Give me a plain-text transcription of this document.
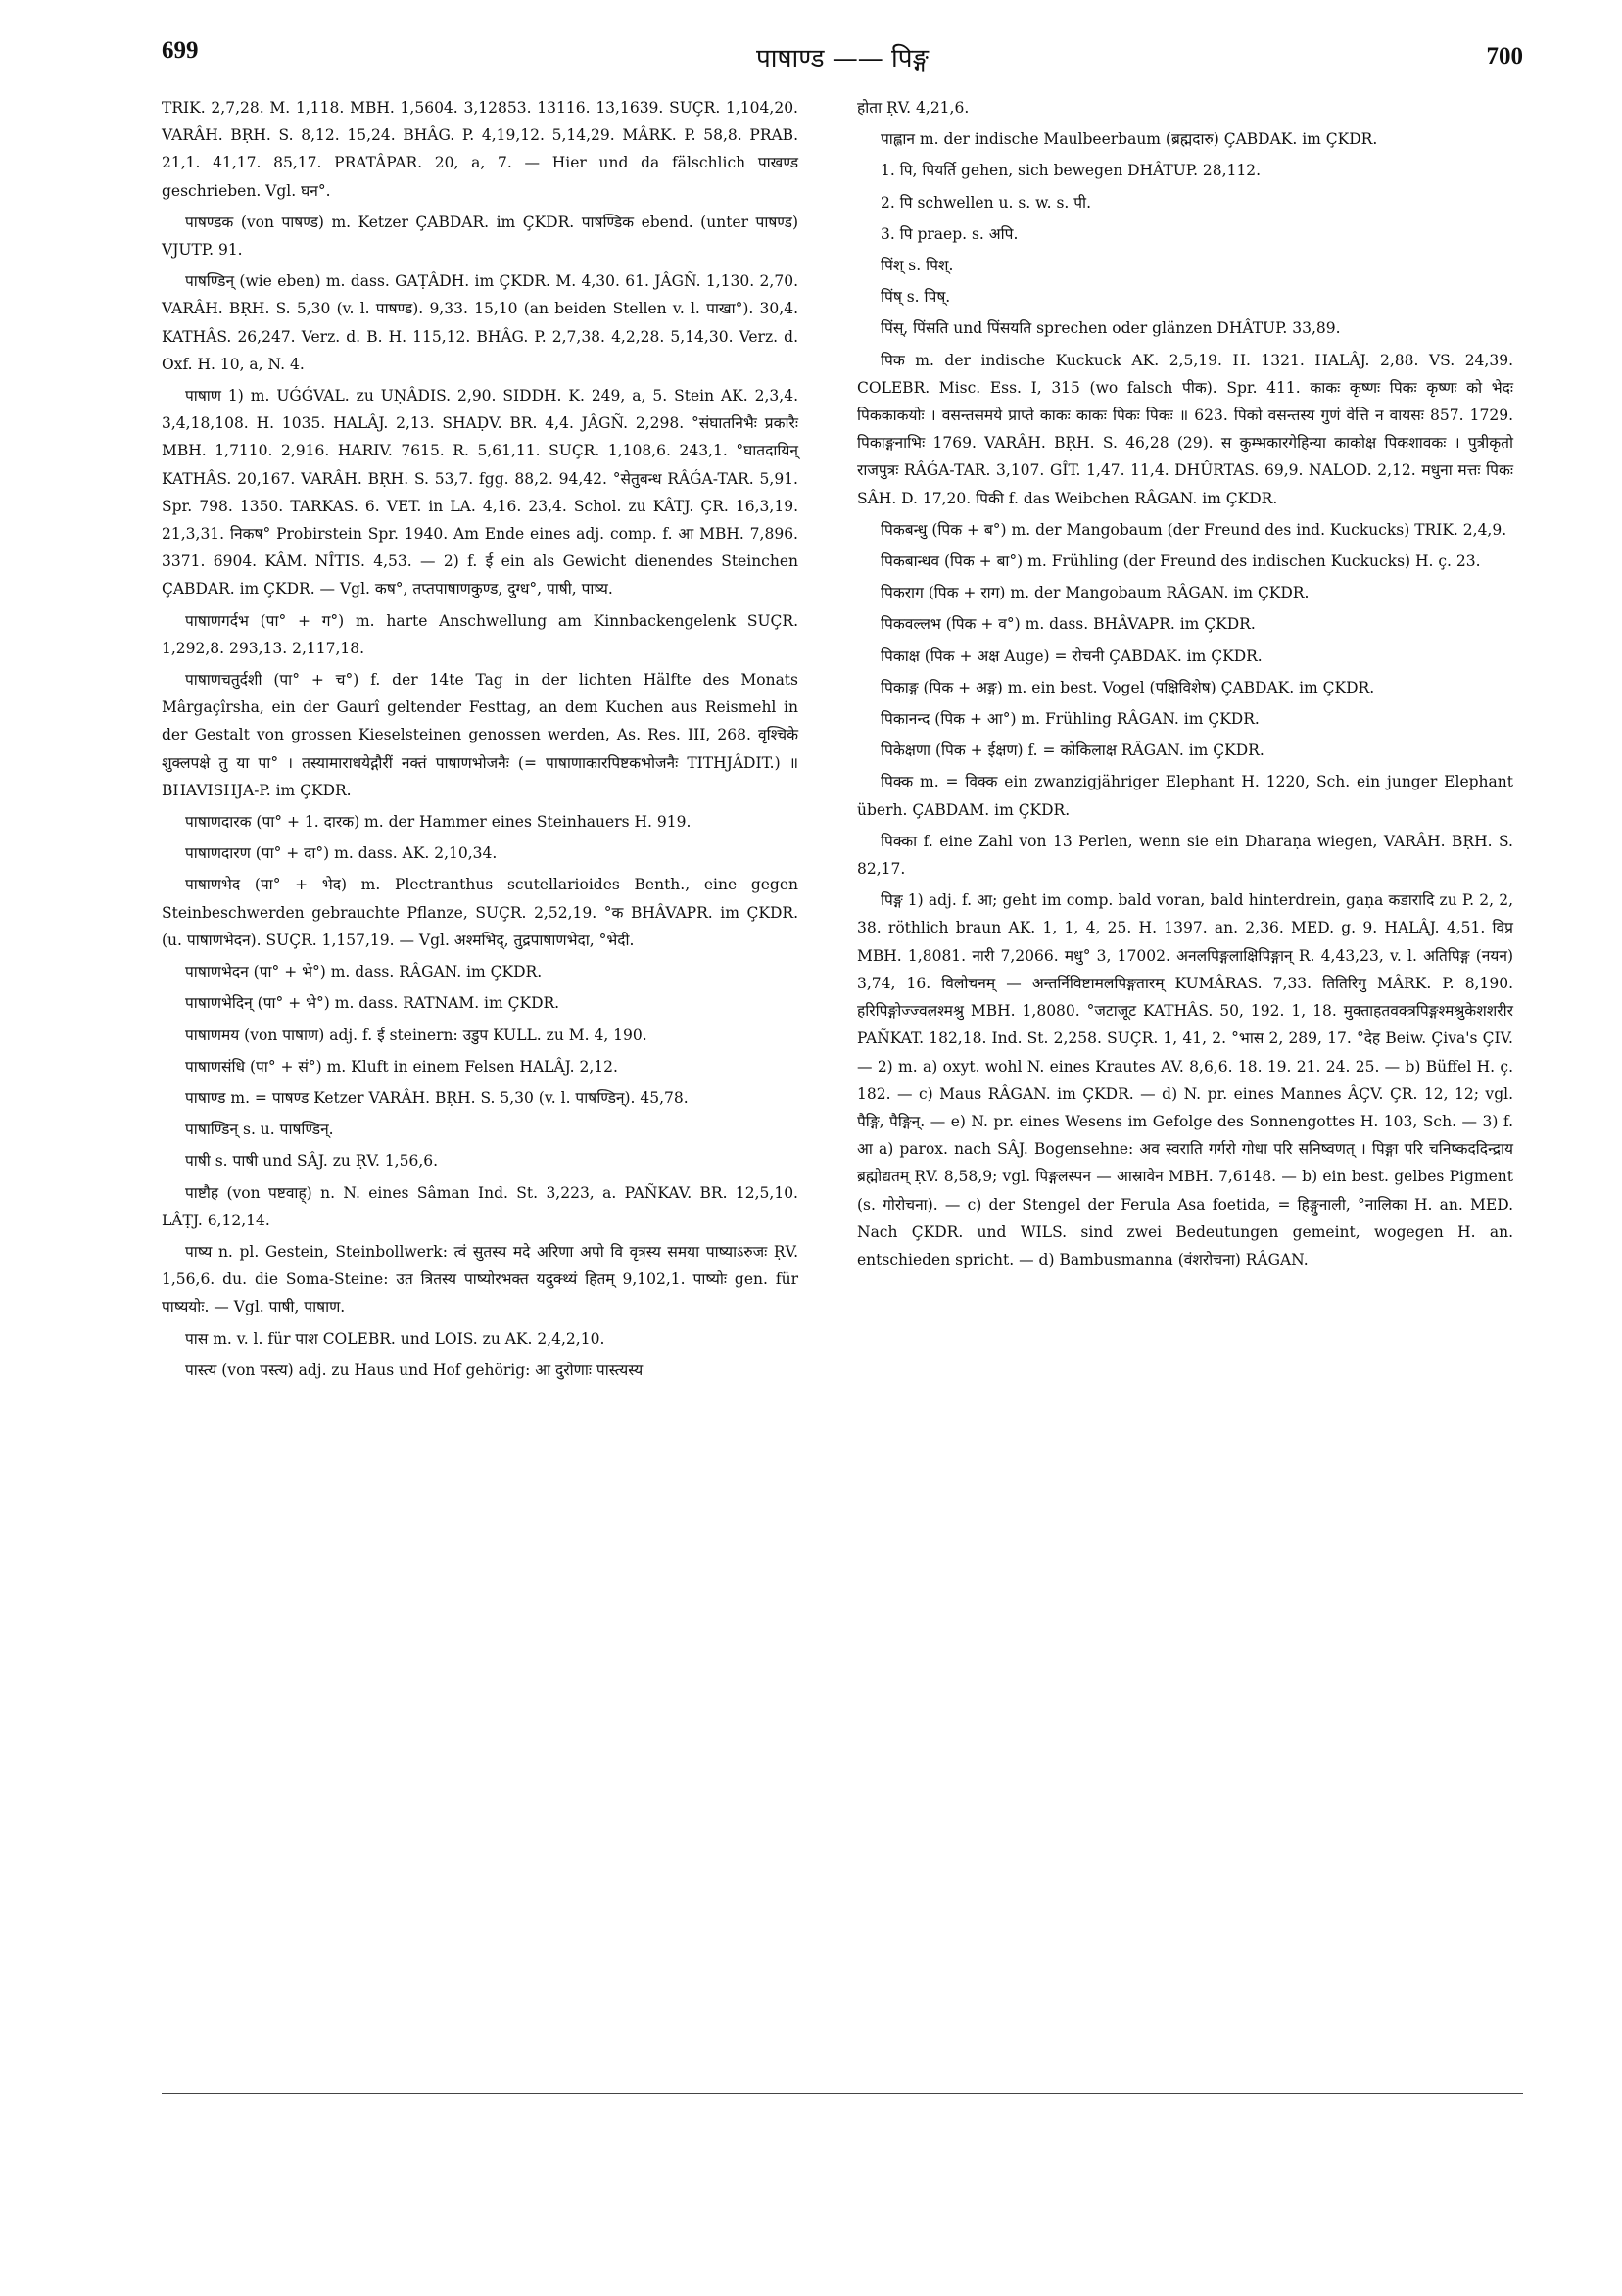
699	पाषाण्ड —— पिङ्ग	700

TRIK. 2,7,28. M. 1,118. MBH. 1,5604. 3,12853. 13116. 13,1639. SUÇR. 1,104,20. VARÂH. BṚH. S. 8,12. 15,24. BHÂG. P. 4,19,12. 5,14,29. MÂRK. P. 58,8. PRAB. 21,1. 41,17. 85,17. PRATÂPAR. 20, a, 7. — Hier und da fälschlich पाखण्ड geschrieben. Vgl. घन°.

पाषण्डक (von पाषण्ड) m. Ketzer ÇABDAR. im ÇKDR. पाषण्डिक ebend. (unter पाषण्ड) VJUTP. 91.

पाषण्डिन् (wie eben) m. dass. GAṬÂDH. im ÇKDR. M. 4,30. 61. JÂGÑ. 1,130. 2,70. VARÂH. BṚH. S. 5,30 (v. l. पाषण्ड). 9,33. 15,10 (an beiden Stellen v. l. पाखा°). 30,4. KATHÂS. 26,247. Verz. d. B. H. 115,12. BHÂG. P. 2,7,38. 4,2,28. 5,14,30. Verz. d. Oxf. H. 10, a, N. 4.

पाषाण 1) m. UǴǴVAL. zu UṆÂDIS. 2,90. SIDDH. K. 249, a, 5. Stein AK. 2,3,4. 3,4,18,108. H. 1035. HALÂJ. 2,13. SHAḌV. BR. 4,4. JÂGÑ. 2,298. °संघातनिभैः प्रकारैः MBH. 1,7110. 2,916. HARIV. 7615. R. 5,61,11. SUÇR. 1,108,6. 243,1. °घातदायिन् KATHÂS. 20,167. VARÂH. BṚH. S. 53,7. fgg. 88,2. 94,42. °सेतुबन्ध RÂǴA-TAR. 5,91. Spr. 798. 1350. TARKAS. 6. VET. in LA. 4,16. 23,4. Schol. zu KÂTJ. ÇR. 16,3,19. 21,3,31. निकष° Probirstein Spr. 1940. Am Ende eines adj. comp. f. आ MBH. 7,896. 3371. 6904. KÂM. NÎTIS. 4,53. — 2) f. ई ein als Gewicht dienendes Steinchen ÇABDAR. im ÇKDR. — Vgl. कष°, तप्तपाषाणकुण्ड, दुग्ध°, पाषी, पाष्य.

पाषाणगर्दभ (पा° + ग°) m. harte Anschwellung am Kinnbackengelenk SUÇR. 1,292,8. 293,13. 2,117,18.

पाषाणचतुर्दशी (पा° + च°) f. der 14te Tag in der lichten Hälfte des Monats Mârgaçîrsha, ein der Gaurî geltender Festtag, an dem Kuchen aus Reismehl in der Gestalt von grossen Kieselsteinen genossen werden, As. Res. III, 268. वृश्चिके शुक्लपक्षे तु या पा° । तस्यामाराधयेद्गौरीं नक्तं पाषाणभोजनैः (= पाषाणाकारपिष्टकभोजनैः TITHJÂDIT.) ॥ BHAVISHJA-P. im ÇKDR.

पाषाणदारक (पा° + 1. दारक) m. der Hammer eines Steinhauers H. 919.

पाषाणदारण (पा° + दा°) m. dass. AK. 2,10,34.

पाषाणभेद (पा° + भेद) m. Plectranthus scutellarioides Benth., eine gegen Steinbeschwerden gebrauchte Pflanze, SUÇR. 2,52,19. °क BHÂVAPR. im ÇKDR. (u. पाषाणभेदन). SUÇR. 1,157,19. — Vgl. अश्मभिद्, तुद्रपाषाणभेदा, °भेदी.

पाषाणभेदन (पा° + भे°) m. dass. RÂGAN. im ÇKDR.

पाषाणभेदिन् (पा° + भे°) m. dass. RATNAM. im ÇKDR.

पाषाणमय (von पाषाण) adj. f. ई steinern: उडुप KULL. zu M. 4, 190.

पाषाणसंधि (पा° + सं°) m. Kluft in einem Felsen HALÂJ. 2,12.

पाषाण्ड m. = पाषण्ड Ketzer VARÂH. BṚH. S. 5,30 (v. l. पाषण्डिन्). 45,78.

पाषाण्डिन् s. u. पाषण्डिन्.

पाषी s. पाषी und SÂJ. zu ṚV. 1,56,6.

पाष्टौह (von पष्टवाह्) n. N. eines Sâman Ind. St. 3,223, a. PAÑKAV. BR. 12,5,10. LÂṬJ. 6,12,14.

पाष्य n. pl. Gestein, Steinbollwerk: त्वं सुतस्य मदे अरिणा अपो वि वृत्रस्य समया पाष्याऽरुजः ṚV. 1,56,6. du. die Soma-Steine: उत त्रितस्य पाष्योरभक्त यदुक्थ्यं हितम् 9,102,1. पाष्योः gen. für पाष्ययोः. — Vgl. पाषी, पाषाण.

पास m. v. l. für पाश COLEBR. und LOIS. zu AK. 2,4,2,10.

पास्त्य (von पस्त्य) adj. zu Haus und Hof gehörig: आ दुरोणाः पास्त्यस्य

होता ṚV. 4,21,6.

पाह्लान m. der indische Maulbeerbaum (ब्रह्मदारु) ÇABDAK. im ÇKDR.

1. पि, पियर्ति gehen, sich bewegen DHÂTUP. 28,112.

2. पि schwellen u. s. w. s. पी.

3. पि praep. s. अपि.

पिंश् s. पिश्.

पिंष् s. पिष्.

पिंस्, पिंसति und पिंसयति sprechen oder glänzen DHÂTUP. 33,89.

पिक m. der indische Kuckuck AK. 2,5,19. H. 1321. HALÂJ. 2,88. VS. 24,39. COLEBR. Misc. Ess. I, 315 (wo falsch पीक). Spr. 411. काकः कृष्णः पिकः कृष्णः को भेदः पिककाकयोः । वसन्तसमये प्राप्ते काकः काकः पिकः पिकः ॥ 623. पिको वसन्तस्य गुणं वेत्ति न वायसः 857. 1729. पिकाङ्गनाभिः 1769. VARÂH. BṚH. S. 46,28 (29). स कुम्भकारगेहिन्या काकोक्ष पिकशावकः । पुत्रीकृतो राजपुत्रः RÂǴA-TAR. 3,107. GÎT. 1,47. 11,4. DHÛRTAS. 69,9. NALOD. 2,12. मधुना मत्तः पिकः SÂH. D. 17,20. पिकी f. das Weibchen RÂGAN. im ÇKDR.

पिकबन्धु (पिक + ब°) m. der Mangobaum (der Freund des ind. Kuckucks) TRIK. 2,4,9.

पिकबान्धव (पिक + बा°) m. Frühling (der Freund des indischen Kuckucks) H. ç. 23.

पिकराग (पिक + राग) m. der Mangobaum RÂGAN. im ÇKDR.

पिकवल्लभ (पिक + व°) m. dass. BHÂVAPR. im ÇKDR.

पिकाक्ष (पिक + अक्ष Auge) = रोचनी ÇABDAK. im ÇKDR.

पिकाङ्ग (पिक + अङ्ग) m. ein best. Vogel (पक्षिविशेष) ÇABDAK. im ÇKDR.

पिकानन्द (पिक + आ°) m. Frühling RÂGAN. im ÇKDR.

पिकेक्षणा (पिक + ईक्षण) f. = कोकिलाक्ष RÂGAN. im ÇKDR.

पिक्क m. = विक्क ein zwanzigjähriger Elephant H. 1220, Sch. ein junger Elephant überh. ÇABDAM. im ÇKDR.

पिक्का f. eine Zahl von 13 Perlen, wenn sie ein Dharaṇa wiegen, VARÂH. BṚH. S. 82,17.

पिङ्ग 1) adj. f. आ; geht im comp. bald voran, bald hinterdrein, gaṇa कडारादि zu P. 2, 2, 38. röthlich braun AK. 1, 1, 4, 25. H. 1397. an. 2,36. MED. g. 9. HALÂJ. 4,51. विप्र MBH. 1,8081. नारी 7,2066. मधु° 3, 17002. अनलपिङ्गलाक्षिपिङ्गान् R. 4,43,23, v. l. अतिपिङ्ग (नयन) 3,74, 16. विलोचनम् — अन्तर्निविष्टामलपिङ्गतारम् KUMÂRAS. 7,33. तितिरिगु MÂRK. P. 8,190. हरिपिङ्गोज्ज्वलश्मश्रु MBH. 1,8080. °जटाजूट KATHÂS. 50, 192. 1, 18. मुक्ताहतवक्त्रपिङ्गश्मश्रुकेशशरीर PAÑKAT. 182,18. Ind. St. 2,258. SUÇR. 1, 41, 2. °भास 2, 289, 17. °देह Beiw. Çiva's ÇIV. — 2) m. a) oxyt. wohl N. eines Krautes AV. 8,6,6. 18. 19. 21. 24. 25. — b) Büffel H. ç. 182. — c) Maus RÂGAN. im ÇKDR. — d) N. pr. eines Mannes ÂÇV. ÇR. 12, 12; vgl. पैङ्गि, पैङ्गिन्. — e) N. pr. eines Wesens im Gefolge des Sonnengottes H. 103, Sch. — 3) f. आ a) parox. nach SÂJ. Bogensehne: अव स्वराति गर्गरो गोधा परि सनिष्वणत् । पिङ्गा परि चनिष्कददिन्द्राय ब्रह्मोद्यतम् ṚV. 8,58,9; vgl. पिङ्गलस्पन — आस्रावेन MBH. 7,6148. — b) ein best. gelbes Pigment (s. गोरोचना). — c) der Stengel der Ferula Asa foetida, = हिङ्गुनाली, °नालिका H. an. MED. Nach ÇKDR. und WILS. sind zwei Bedeutungen gemeint, wogegen H. an. entschieden spricht. — d) Bambusmanna (वंशरोचना) RÂGAN.
